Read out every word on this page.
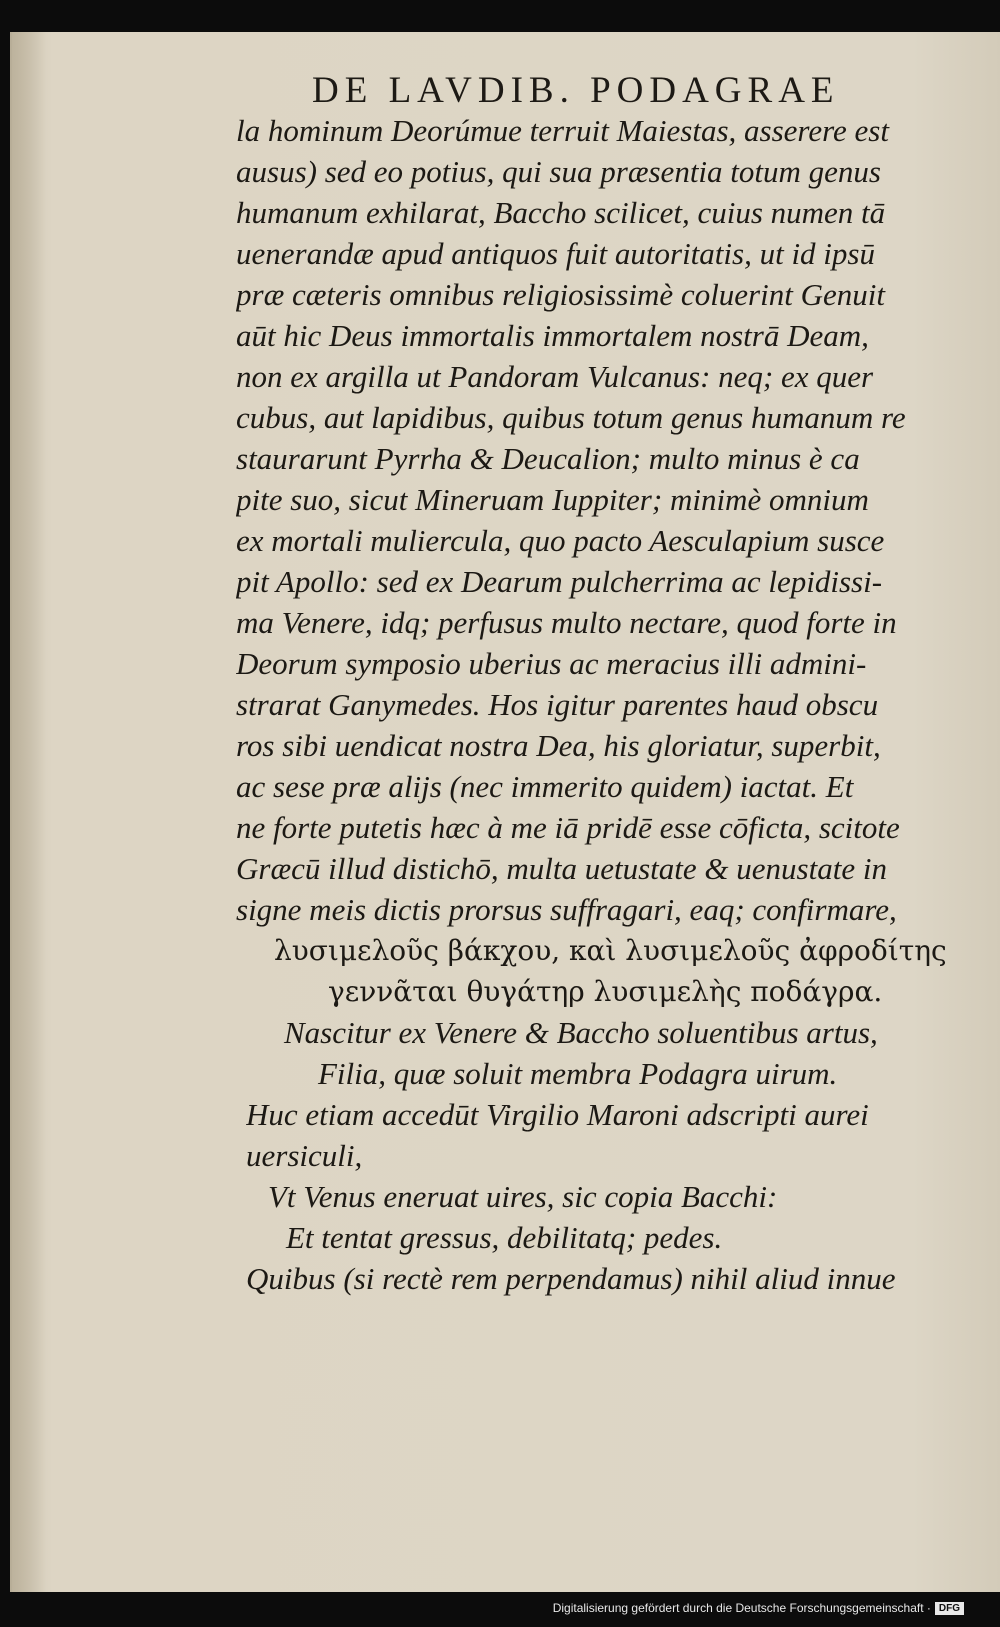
DE LAVDIB. PODAGRAE
la hominum Deorúmue terruit Maiestas, asserere est
ausus) sed eo potius, qui sua præsentia totum genus
humanum exhilarat, Baccho scilicet, cuius numen tā
uenerandæ apud antiquos fuit autoritatis, ut id ipsū
præ cæteris omnibus religiosissimè coluerint Genuit
aūt hic Deus immortalis immortalem nostrā Deam,
non ex argilla ut Pandoram Vulcanus: neq; ex quer
cubus, aut lapidibus, quibus totum genus humanum re
staurarunt Pyrrha & Deucalion; multo minus è ca
pite suo, sicut Mineruam Iuppiter; minimè omnium
ex mortali muliercula, quo pacto Aesculapium susce
pit Apollo: sed ex Dearum pulcherrima ac lepidissi-
ma Venere, idq; perfusus multo nectare, quod forte in
Deorum symposio uberius ac meracius illi admini-
strarat Ganymedes. Hos igitur parentes haud obscu
ros sibi uendicat nostra Dea, his gloriatur, superbit,
ac sese præ alijs (nec immerito quidem) iactat. Et
ne forte putetis hæc à me iā pridē esse cōficta, scitote
Græcū illud distichō, multa uetustate & uenustate in
signe meis dictis prorsus suffragari, eaq; confirmare,
λυσιμελοῦς βάκχου, καὶ λυσιμελοῦς ἀφροδίτης
γεννᾶται θυγάτηρ λυσιμελὴς ποδάγρα.
Nascitur ex Venere & Baccho soluentibus artus,
Filia, quæ soluit membra Podagra uirum.
Huc etiam accedūt Virgilio Maroni adscripti aurei
uersiculi,
Vt Venus eneruat uires, sic copia Bacchi:
Et tentat gressus, debilitatq; pedes.
Quibus (si rectè rem perpendamus) nihil aliud innue
Digitalisierung gefördert durch die Deutsche Forschungsgemeinschaft · DFG
